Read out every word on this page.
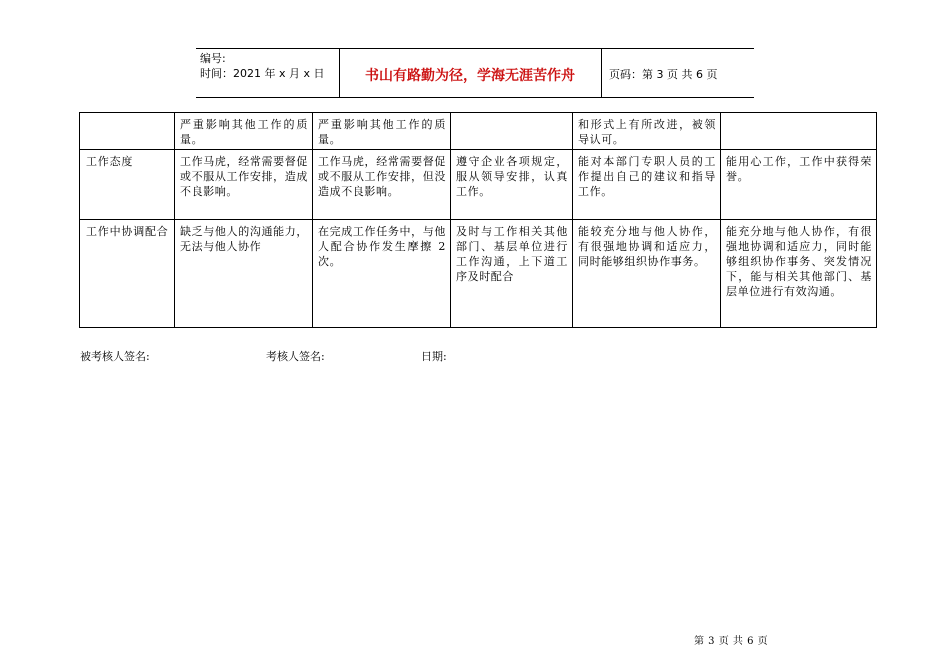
编号:
时间：2021 年 x 月 x 日	书山有路勤为径，学海无涯苦作舟	页码：第 3 页 共 6 页
	严重影响其他工作的质量。	严重影响其他工作的质量。		和形式上有所改进，被领导认可。	
工作态度	工作马虎，经常需要督促或不服从工作安排，造成不良影响。	工作马虎，经常需要督促或不服从工作安排，但没造成不良影响。	遵守企业各项规定，服从领导安排，认真工作。	能对本部门专职人员的工作提出自己的建议和指导工作。	能用心工作，工作中获得荣誉。
工作中协调配合	缺乏与他人的沟通能力，无法与他人协作	在完成工作任务中，与他人配合协作发生摩擦 2 次。	及时与工作相关其他部门、基层单位进行工作沟通，上下道工序及时配合	能较充分地与他人协作，有很强地协调和适应力，同时能够组织协作事务。	能充分地与他人协作，有很强地协调和适应力，同时能够组织协作事务、突发情况下，能与相关其他部门、基层单位进行有效沟通。
被考核人签名:	考核人签名:	日期:
第 3 页 共 6 页
